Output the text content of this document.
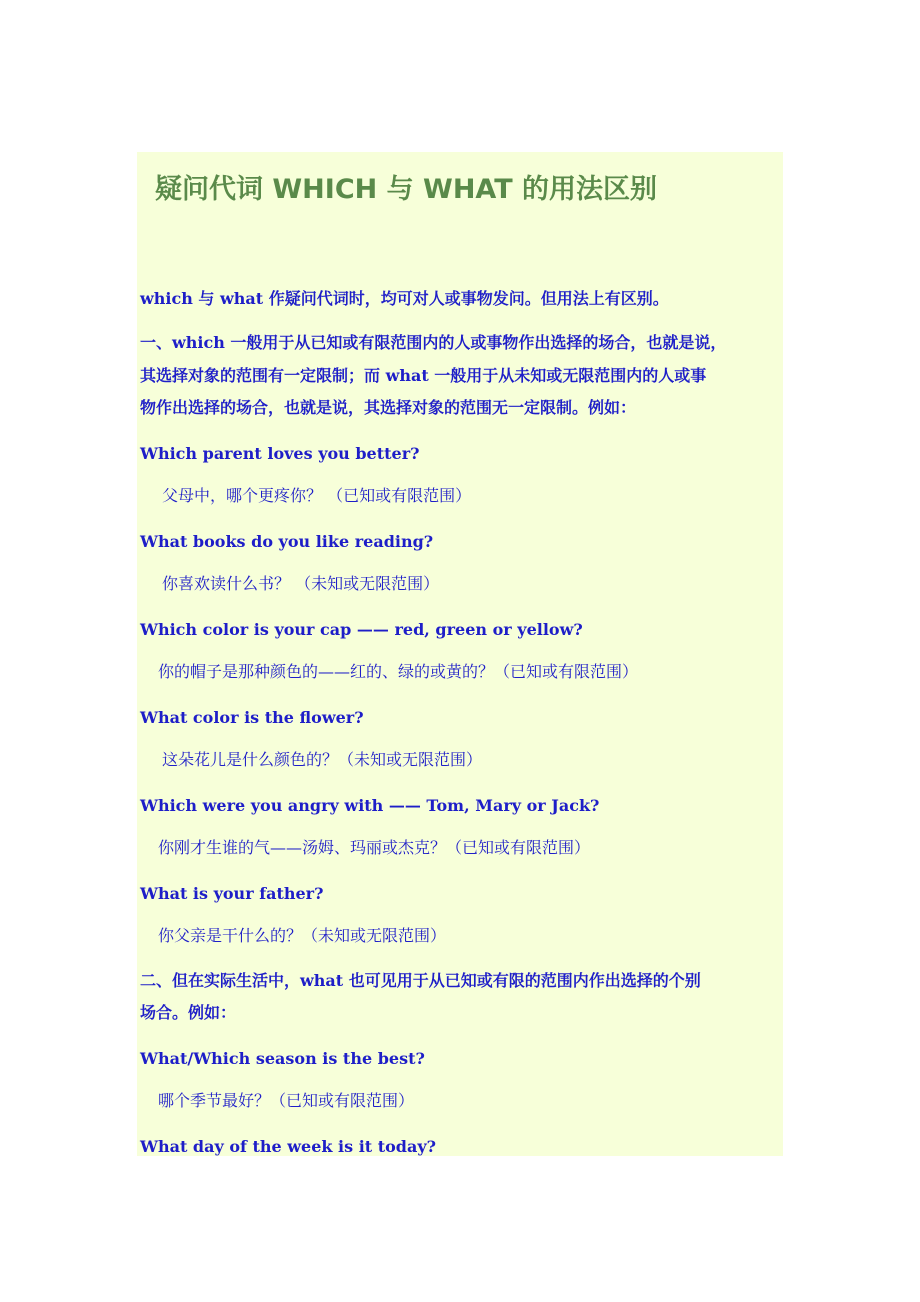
疑问代词 WHICH 与 WHAT 的用法区别

which 与 what 作疑问代词时，均可对人或事物发问。但用法上有区别。

一、which 一般用于从已知或有限范围内的人或事物作出选择的场合，也就是说，

其选择对象的范围有一定限制；而 what 一般用于从未知或无限范围内的人或事

物作出选择的场合，也就是说，其选择对象的范围无一定限制。例如：

Which parent loves you better?

父母中，哪个更疼你？ （已知或有限范围）

What books do you like reading?

你喜欢读什么书？ （未知或无限范围）

Which color is your cap —— red, green or yellow?

你的帽子是那种颜色的——红的、绿的或黄的？（已知或有限范围）

What color is the flower?

这朵花儿是什么颜色的？（未知或无限范围）

Which were you angry with —— Tom, Mary or Jack?

你刚才生谁的气——汤姆、玛丽或杰克？（已知或有限范围）

What is your father?

你父亲是干什么的？（未知或无限范围）

二、但在实际生活中，what 也可见用于从已知或有限的范围内作出选择的个别

场合。例如：

What/Which season is the best?

哪个季节最好？（已知或有限范围）

What day of the week is it today?
